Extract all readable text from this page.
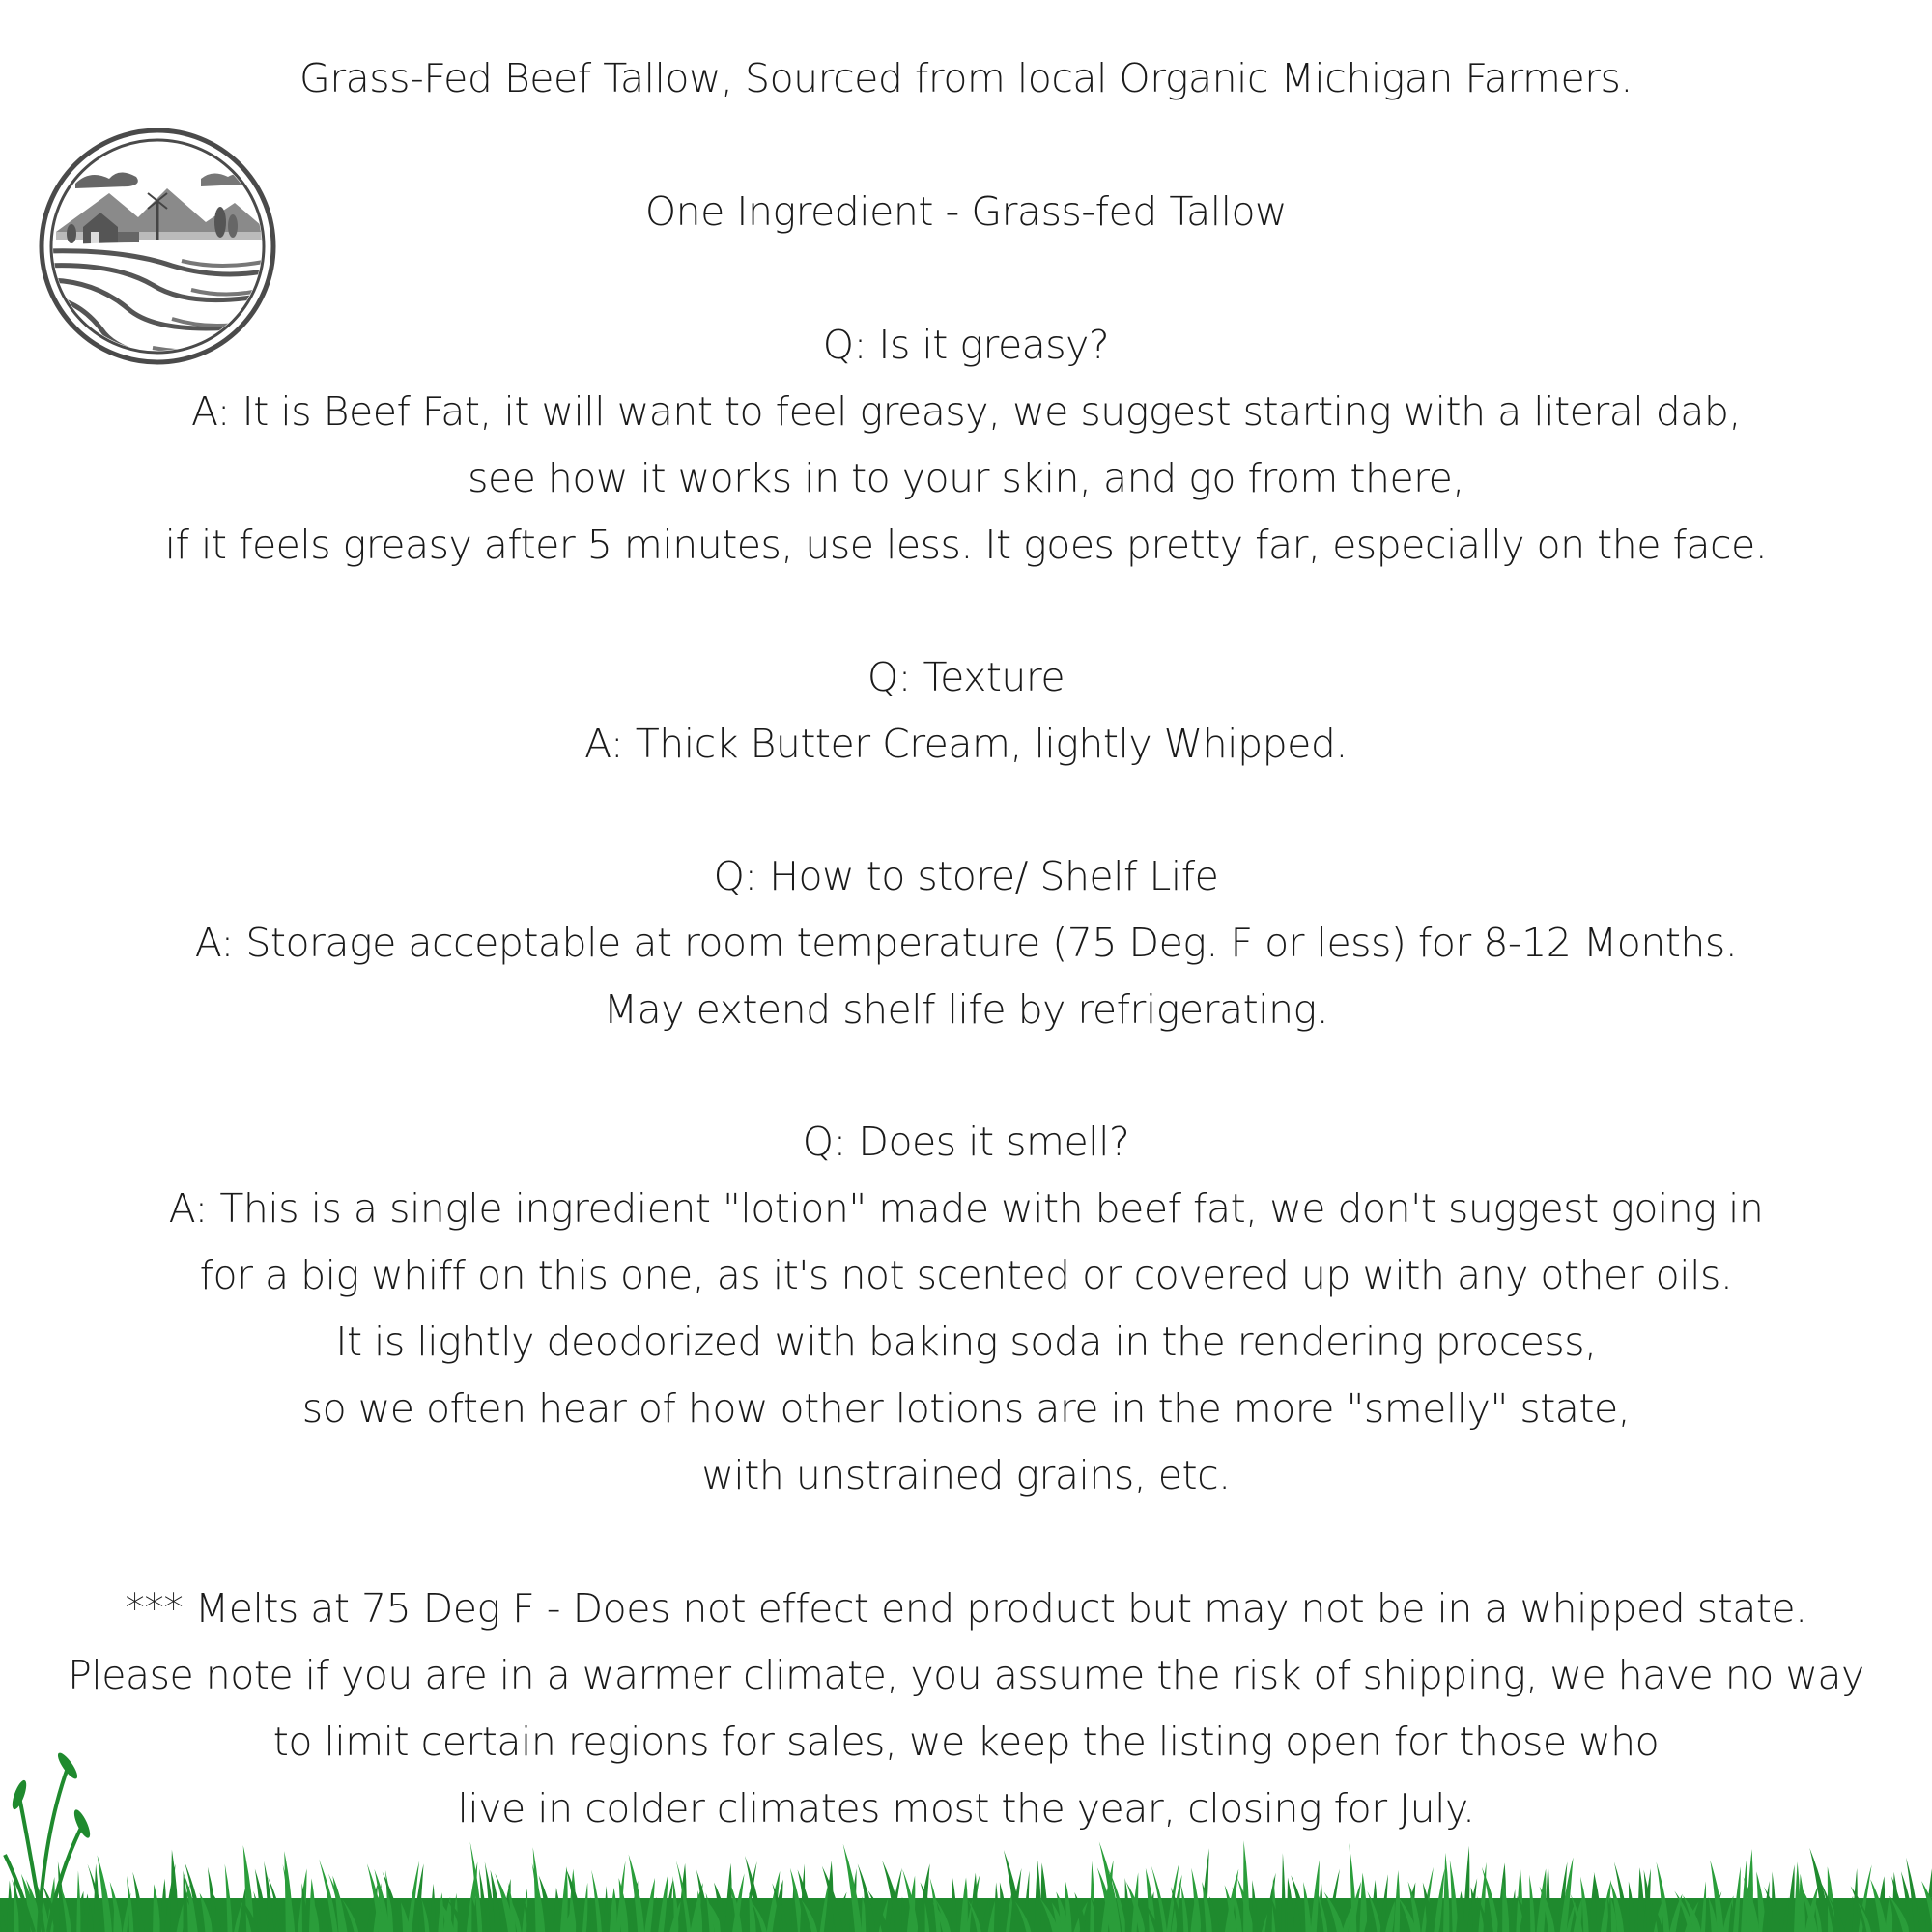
Grass-Fed Beef Tallow, Sourced from local Organic Michigan Farmers.
One Ingredient - Grass-fed Tallow
Q: Is it greasy?
A: It is Beef Fat, it will want to feel greasy, we suggest starting with a literal dab,
see how it works in to your skin, and go from there,
if it feels greasy after 5 minutes, use less. It goes pretty far, especially on the face.
Q: Texture
A: Thick Butter Cream, lightly Whipped.
Q: How to store/ Shelf Life
A: Storage acceptable at room temperature (75 Deg. F or less) for 8-12 Months.
May extend shelf life by refrigerating.
Q: Does it smell?
A: This is a single ingredient "lotion" made with beef fat, we don't suggest going in
for a big whiff on this one, as it's not scented or covered up with any other oils.
It is lightly deodorized with baking soda in the rendering process,
so we often hear of how other lotions are in the more "smelly" state,
with unstrained grains, etc.
*** Melts at 75 Deg F - Does not effect end product but may not be in a whipped state.
Please note if you are in a warmer climate, you assume the risk of shipping, we have no way
to limit certain regions for sales, we keep the listing open for those who
live in colder climates most the year, closing for July.
